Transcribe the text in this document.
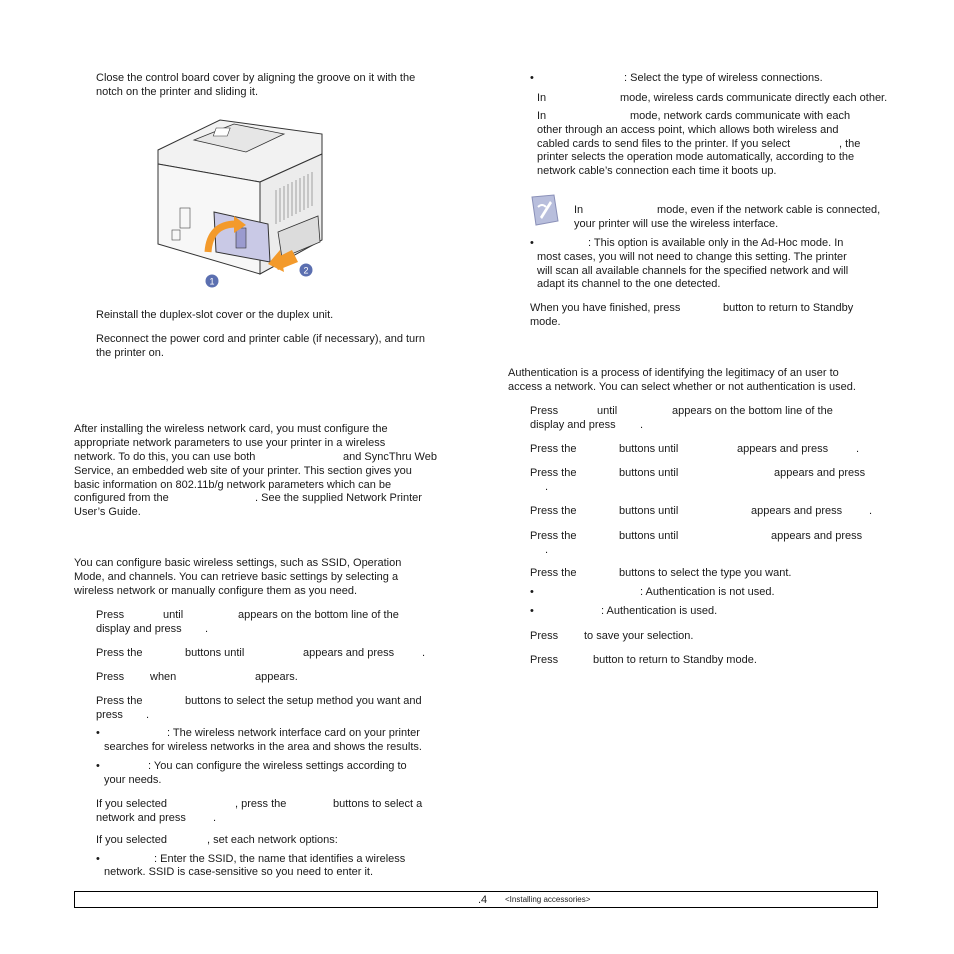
Close the control board cover by aligning the groove on it with the
notch on the printer and sliding it.
1
2
Reinstall the duplex-slot cover or the duplex unit.
Reconnect the power cord and printer cable (if necessary), and turn
the printer on.
After installing the wireless network card, you must configure the
appropriate network parameters to use your printer in a wireless
network. To do this, you can use both	and SyncThru Web
Service, an embedded web site of your printer. This section gives you
basic information on 802.11b/g network parameters which can be
configured from the	. See the supplied Network Printer
User’s Guide.
You can configure basic wireless settings, such as SSID, Operation
Mode, and channels. You can retrieve basic settings by selecting a
wireless network or manually configure them as you need.
Press	until	appears on the bottom line of the
display and press .
Press the	buttons until	appears and press	.
Press when	appears.
Press the	buttons to select the setup method you want and
press .
•	: The wireless network interface card on your printer
searches for wireless networks in the area and shows the results.
•	: You can configure the wireless settings according to
your needs.
If you selected	, press the	buttons to select a
network and press .
If you selected	, set each network options:
•	: Enter the SSID, the name that identifies a wireless
network. SSID is case-sensitive so you need to enter it.
•	: Select the type of wireless connections.
In	mode, wireless cards communicate directly each other.
In	mode, network cards communicate with each
other through an access point, which allows both wireless and
cabled cards to send files to the printer. If you select	, the
printer selects the operation mode automatically, according to the
network cable’s connection each time it boots up.
In	mode, even if the network cable is connected,
your printer will use the wireless interface.
•	: This option is available only in the Ad-Hoc mode. In
most cases, you will not need to change this setting. The printer
will scan all available channels for the specified network and will
adapt its channel to the one detected.
When you have finished, press	button to return to Standby
mode.
Authentication is a process of identifying the legitimacy of an user to
access a network. You can select whether or not authentication is used.
Press	until	appears on the bottom line of the
display and press .
Press the	buttons until	appears and press	.
Press the	buttons until	appears and press
.
Press the	buttons until	appears and press .
Press the	buttons until	appears and press
.
Press the	buttons to select the type you want.
•	: Authentication is not used.
•	: Authentication is used.
Press to save your selection.
Press	button to return to Standby mode.
.4 <Installing accessories>
